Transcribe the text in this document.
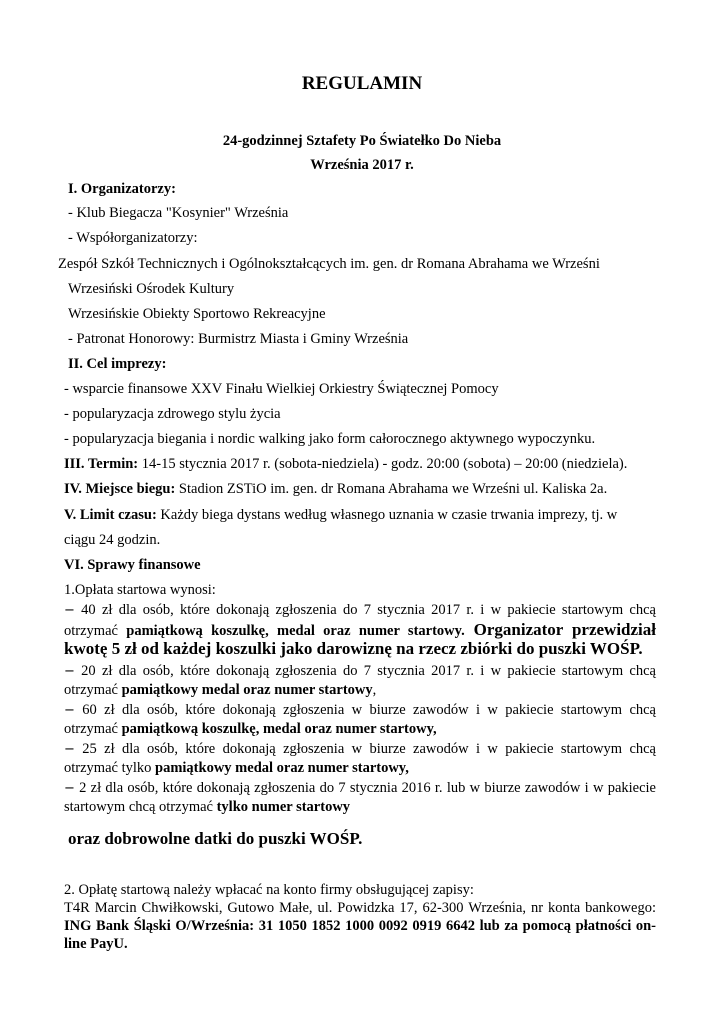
REGULAMIN
24-godzinnej Sztafety Po Światełko Do Nieba
Września 2017 r.
I. Organizatorzy:
- Klub Biegacza "Kosynier" Września
- Współorganizatorzy:
Zespół Szkół Technicznych i Ogólnokształcących im. gen. dr Romana Abrahama we Wrześni
Wrzesiński Ośrodek Kultury
Wrzesińskie Obiekty Sportowo Rekreacyjne
- Patronat Honorowy: Burmistrz Miasta i Gminy Września
II. Cel imprezy:
- wsparcie finansowe XXV Finału Wielkiej Orkiestry Świątecznej Pomocy
- popularyzacja zdrowego stylu życia
- popularyzacja biegania i nordic walking jako form całorocznego aktywnego wypoczynku.
III. Termin: 14-15 stycznia 2017 r. (sobota-niedziela) - godz. 20:00 (sobota) – 20:00 (niedziela).
IV. Miejsce biegu: Stadion ZSTiO im. gen. dr Romana Abrahama we Wrześni ul. Kaliska 2a.
V. Limit czasu: Każdy biega dystans według własnego uznania w czasie trwania imprezy, tj. w
ciągu 24 godzin.
VI. Sprawy finansowe
1.Opłata startowa wynosi:
− 40 zł dla osób, które dokonają zgłoszenia do 7 stycznia 2017 r. i w pakiecie startowym chcą
otrzymać pamiątkową koszulkę, medal oraz numer startowy. Organizator przewidział
kwotę 5 zł od każdej koszulki jako darowiznę na rzecz zbiórki do puszki WOŚP.
− 20 zł dla osób, które dokonają zgłoszenia do 7 stycznia 2017 r. i w pakiecie startowym chcą
otrzymać pamiątkowy medal oraz numer startowy,
− 60 zł dla osób, które dokonają zgłoszenia w biurze zawodów i w pakiecie startowym chcą
otrzymać pamiątkową koszulkę, medal oraz numer startowy,
− 25 zł dla osób, które dokonają zgłoszenia w biurze zawodów i w pakiecie startowym chcą
otrzymać tylko pamiątkowy medal oraz numer startowy,
− 2 zł dla osób, które dokonają zgłoszenia do 7 stycznia 2016 r. lub w biurze zawodów i w pakiecie
startowym chcą otrzymać tylko numer startowy
oraz dobrowolne datki do puszki WOŚP.
2. Opłatę startową należy wpłacać na konto firmy obsługującej zapisy:
T4R Marcin Chwiłkowski, Gutowo Małe, ul. Powidzka 17, 62-300 Września, nr konta bankowego:
ING Bank Śląski O/Września: 31 1050 1852 1000 0092 0919 6642 lub za pomocą płatności on-
line PayU.
